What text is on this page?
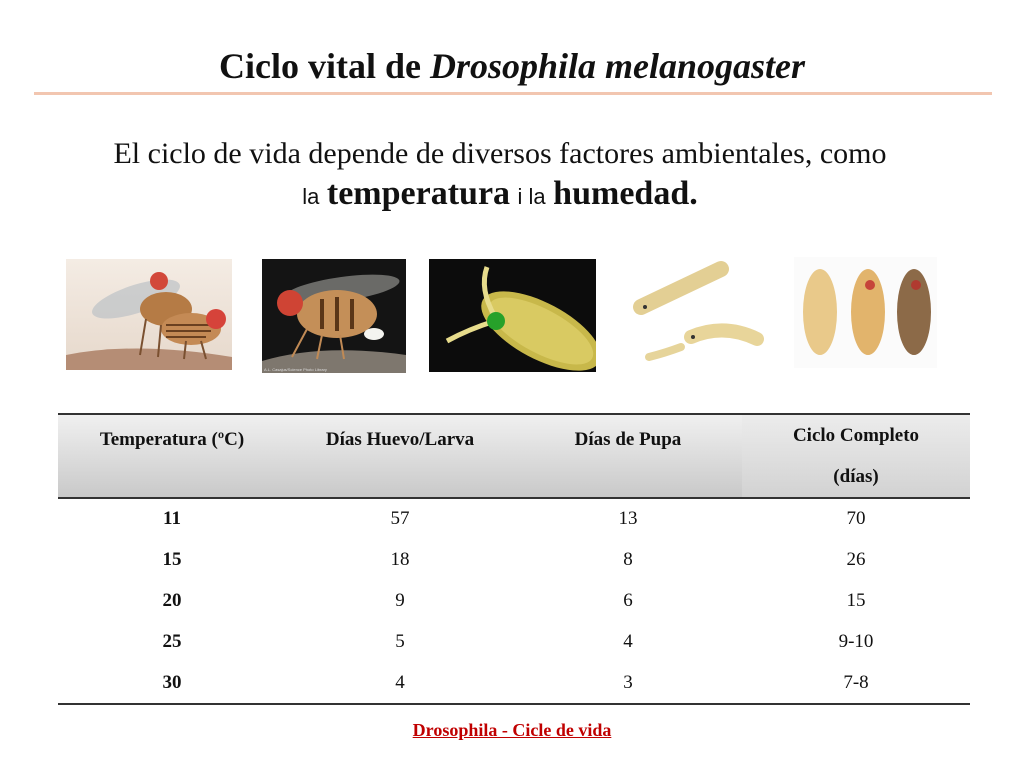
Ciclo vital de Drosophila melanogaster
El ciclo de vida depende de diversos factores ambientales, como
la temperatura i la humedad.
A.L. Casajus/Science Photo Library
Temperatura (ºC)	Días Huevo/Larva	Días de Pupa	Ciclo Completo
(días)
11	57	13	70
15	18	8	26
20	9	6	15
25	5	4	9-10
30	4	3	7-8
Drosophila - Cicle de vida
